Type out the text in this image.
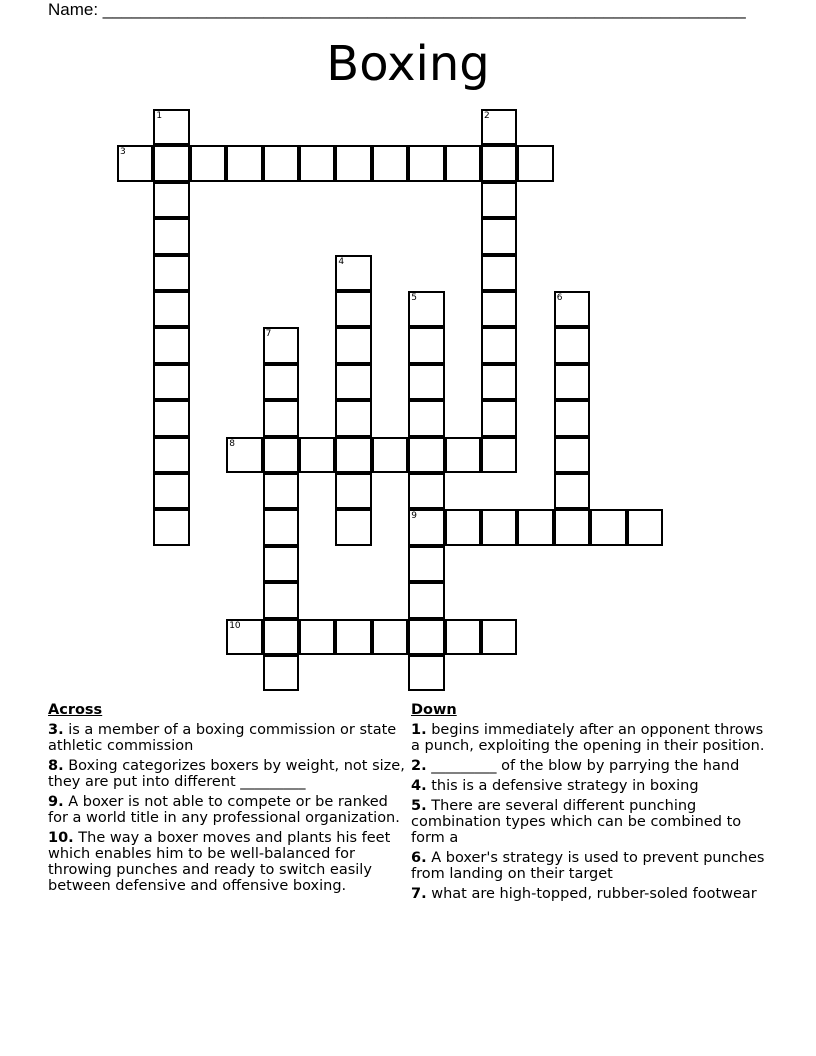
Name: ____________________________________________________________________
Boxing
1	2
3
4
5	6
7
8
9
10
Across
3. is a member of a boxing commission or state athletic commission
8. Boxing categorizes boxers by weight, not size, they are put into different _________
9. A boxer is not able to compete or be ranked for a world title in any professional organization.
10. The way a boxer moves and plants his feet which enables him to be well-balanced for throwing punches and ready to switch easily between defensive and offensive boxing.
Down
1. begins immediately after an opponent throws a punch, exploiting the opening in their position.
2. _________ of the blow by parrying the hand
4. this is a defensive strategy in boxing
5. There are several different punching combination types which can be combined to form a
6. A boxer's strategy is used to prevent punches from landing on their target
7. what are high-topped, rubber-soled footwear
